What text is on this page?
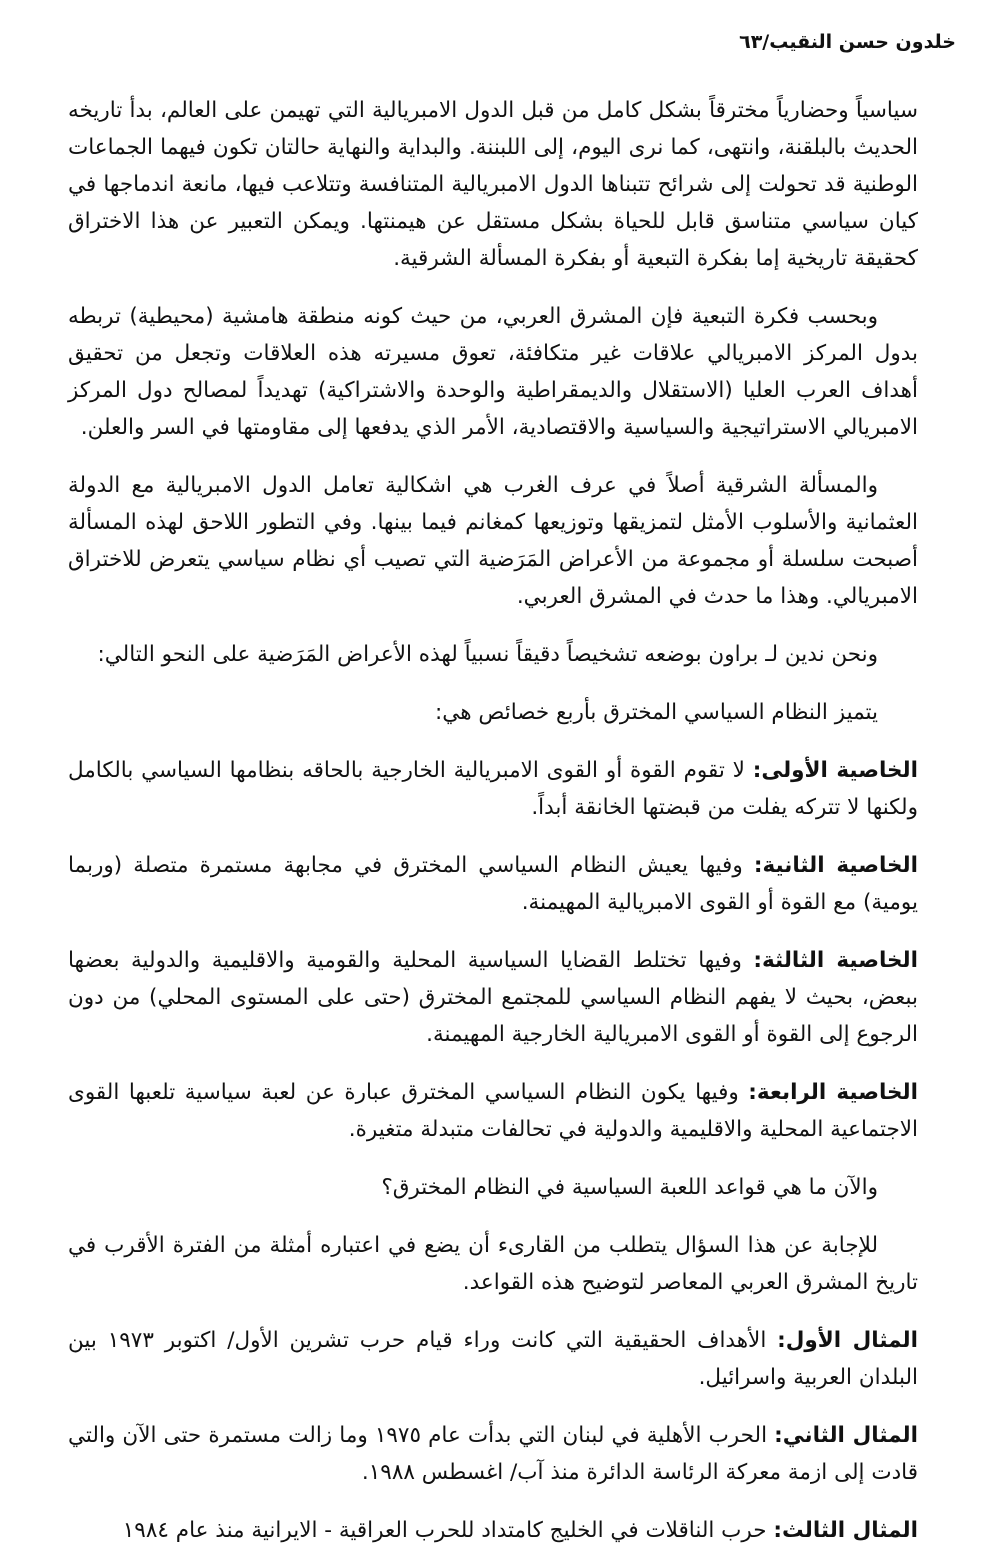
خلدون حسن النقيب/٦٣

سياسياً وحضارياً مخترقاً بشكل كامل من قبل الدول الامبريالية التي تهيمن على العالم، بدأ تاريخه الحديث بالبلقنة، وانتهى، كما نرى اليوم، إلى اللبننة. والبداية والنهاية حالتان تكون فيهما الجماعات الوطنية قد تحولت إلى شرائح تتبناها الدول الامبريالية المتنافسة وتتلاعب فيها، مانعة اندماجها في كيان سياسي متناسق قابل للحياة بشكل مستقل عن هيمنتها. ويمكن التعبير عن هذا الاختراق كحقيقة تاريخية إما بفكرة التبعية أو بفكرة المسألة الشرقية.

وبحسب فكرة التبعية فإن المشرق العربي، من حيث كونه منطقة هامشية (محيطية) تربطه بدول المركز الامبريالي علاقات غير متكافئة، تعوق مسيرته هذه العلاقات وتجعل من تحقيق أهداف العرب العليا (الاستقلال والديمقراطية والوحدة والاشتراكية) تهديداً لمصالح دول المركز الامبريالي الاستراتيجية والسياسية والاقتصادية، الأمر الذي يدفعها إلى مقاومتها في السر والعلن.

والمسألة الشرقية أصلاً في عرف الغرب هي اشكالية تعامل الدول الامبريالية مع الدولة العثمانية والأسلوب الأمثل لتمزيقها وتوزيعها كمغانم فيما بينها. وفي التطور اللاحق لهذه المسألة أصبحت سلسلة أو مجموعة من الأعراض المَرَضية التي تصيب أي نظام سياسي يتعرض للاختراق الامبريالي. وهذا ما حدث في المشرق العربي.

ونحن ندين لـ براون بوضعه تشخيصاً دقيقاً نسبياً لهذه الأعراض المَرَضية على النحو التالي:

يتميز النظام السياسي المخترق بأربع خصائص هي:

الخاصية الأولى: لا تقوم القوة أو القوى الامبريالية الخارجية بالحاقه بنظامها السياسي بالكامل ولكنها لا تتركه يفلت من قبضتها الخانقة أبداً.

الخاصية الثانية: وفيها يعيش النظام السياسي المخترق في مجابهة مستمرة متصلة (وربما يومية) مع القوة أو القوى الامبريالية المهيمنة.

الخاصية الثالثة: وفيها تختلط القضايا السياسية المحلية والقومية والاقليمية والدولية بعضها ببعض، بحيث لا يفهم النظام السياسي للمجتمع المخترق (حتى على المستوى المحلي) من دون الرجوع إلى القوة أو القوى الامبريالية الخارجية المهيمنة.

الخاصية الرابعة: وفيها يكون النظام السياسي المخترق عبارة عن لعبة سياسية تلعبها القوى الاجتماعية المحلية والاقليمية والدولية في تحالفات متبدلة متغيرة.

والآن ما هي قواعد اللعبة السياسية في النظام المخترق؟

للإجابة عن هذا السؤال يتطلب من القارىء أن يضع في اعتباره أمثلة من الفترة الأقرب في تاريخ المشرق العربي المعاصر لتوضيح هذه القواعد.

المثال الأول: الأهداف الحقيقية التي كانت وراء قيام حرب تشرين الأول/ اكتوبر ١٩٧٣ بين البلدان العربية واسرائيل.

المثال الثاني: الحرب الأهلية في لبنان التي بدأت عام ١٩٧٥ وما زالت مستمرة حتى الآن والتي قادت إلى ازمة معركة الرئاسة الدائرة منذ آب/ اغسطس ١٩٨٨.

المثال الثالث: حرب الناقلات في الخليج كامتداد للحرب العراقية - الايرانية منذ عام ١٩٨٤
